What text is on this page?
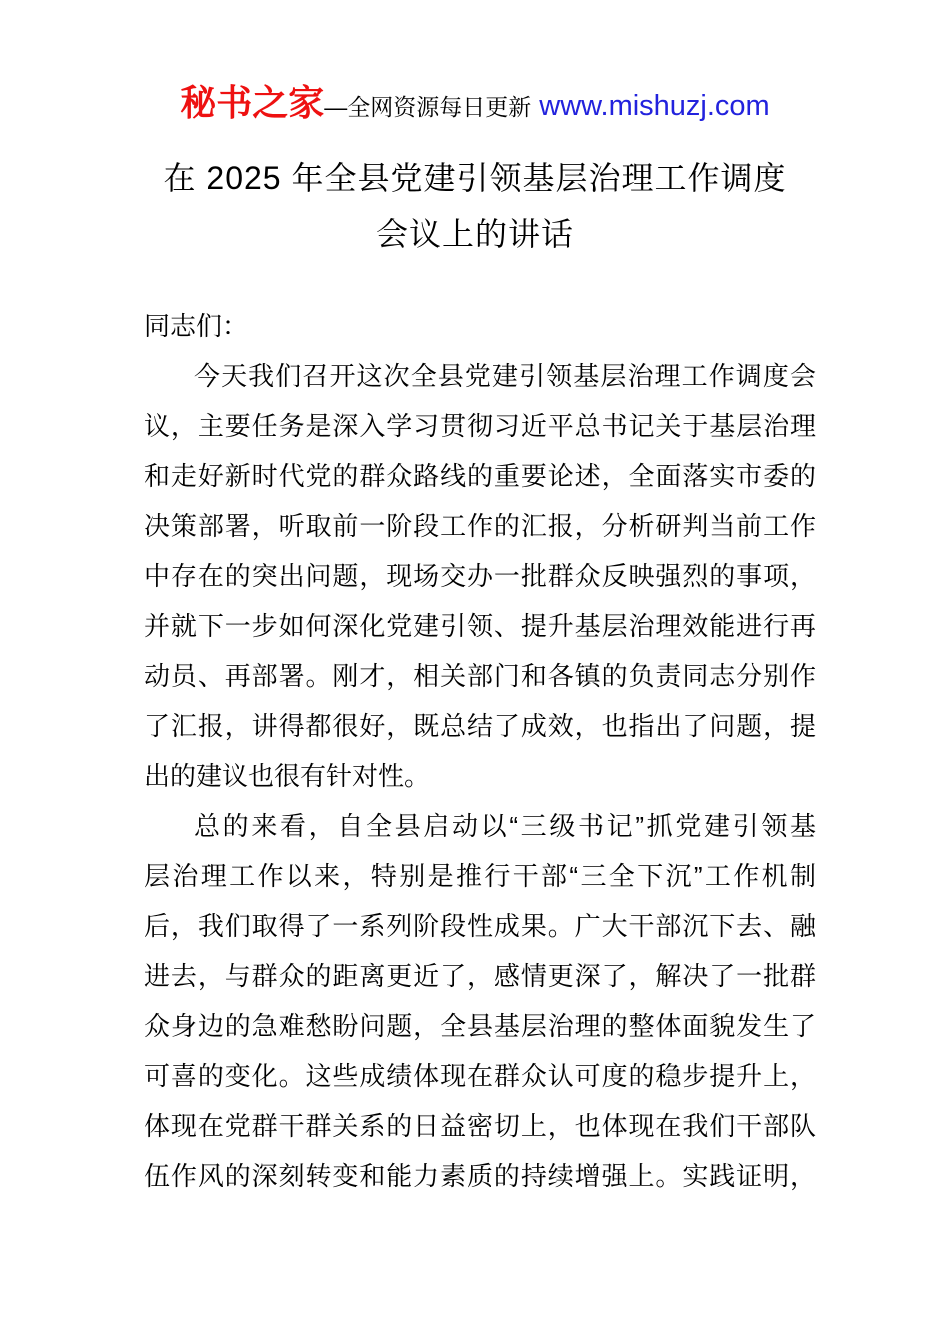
秘书之家—全网资源每日更新 www.mishuzj.com
在 2025 年全县党建引领基层治理工作调度
会议上的讲话
同志们：
今天我们召开这次全县党建引领基层治理工作调度会
议，主要任务是深入学习贯彻习近平总书记关于基层治理
和走好新时代党的群众路线的重要论述，全面落实市委的
决策部署，听取前一阶段工作的汇报，分析研判当前工作
中存在的突出问题，现场交办一批群众反映强烈的事项，
并就下一步如何深化党建引领、提升基层治理效能进行再
动员、再部署。刚才，相关部门和各镇的负责同志分别作
了汇报，讲得都很好，既总结了成效，也指出了问题，提
出的建议也很有针对性。
总的来看，自全县启动以“三级书记”抓党建引领基
层治理工作以来，特别是推行干部“三全下沉”工作机制
后，我们取得了一系列阶段性成果。广大干部沉下去、融
进去，与群众的距离更近了，感情更深了，解决了一批群
众身边的急难愁盼问题，全县基层治理的整体面貌发生了
可喜的变化。这些成绩体现在群众认可度的稳步提升上，
体现在党群干群关系的日益密切上，也体现在我们干部队
伍作风的深刻转变和能力素质的持续增强上。实践证明，
